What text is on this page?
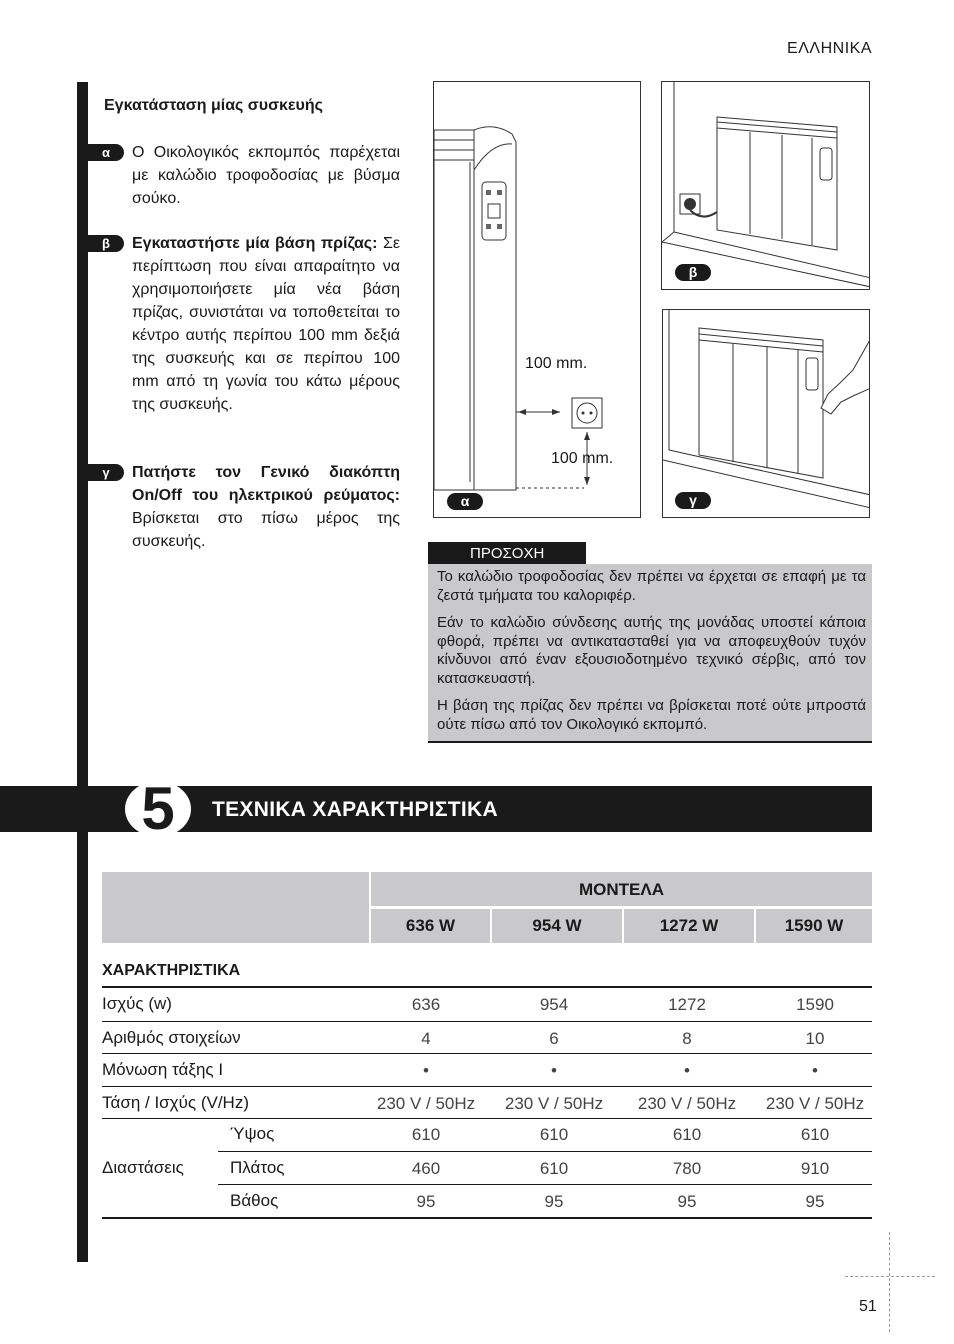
ΕΛΛΗΝΙΚΑ
Εγκατάσταση μίας συσκευής
α	Ο Οικολογικός εκπομπός παρέχεται με καλώδιο τροφοδοσίας με βύσμα σούκο.
β	Εγκαταστήστε μία βάση πρίζας: Σε περίπτωση που είναι απαραίτητο να χρησιμοποιήσετε μία νέα βάση πρίζας, συνιστάται να τοποθετείται το κέντρο αυτής περίπου 100 mm δεξιά της συσκευής και σε περίπου 100 mm από τη γωνία του κάτω μέρους της συσκευής.
γ	Πατήστε τον Γενικό διακόπτη On/Off του ηλεκτρικού ρεύματος: Βρίσκεται στο πίσω μέρος της συσκευής.
100 mm.
100 mm.
α
β
γ
ΠΡΟΣΟΧΗ

Το καλώδιο τροφοδοσίας δεν πρέπει να έρχεται σε επαφή με τα ζεστά τμήματα του καλοριφέρ.

Εάν το καλώδιο σύνδεσης αυτής της μονάδας υποστεί κάποια φθορά, πρέπει να αντικατασταθεί για να αποφευχθούν τυχόν κίνδυνοι από έναν εξουσιοδοτημένο τεχνικό σέρβις, από τον κατασκευαστή.

Η βάση της πρίζας δεν πρέπει να βρίσκεται ποτέ ούτε μπροστά ούτε πίσω από τον Οικολογικό εκπομπό.

5	ΤΕΧΝΙΚΑ ΧΑΡΑΚΤΗΡΙΣΤΙΚΑ
ΜΟΝΤΕΛΑ
636 W	954 W	1272 W	1590 W
ΧΑΡΑΚΤΗΡΙΣΤΙΚΑ
Ισχύς (w)	636	954	1272	1590
Αριθμός στοιχείων	4	6	8	10
Μόνωση τάξης I	•	•	•	•
Τάση / Ισχύς (V/Hz)	230 V / 50Hz	230 V / 50Hz	230 V / 50Hz	230 V / 50Hz
Διαστάσεις
Ύψος	610	610	610	610
Πλάτος	460	610	780	910
Βάθος	95	95	95	95
51
